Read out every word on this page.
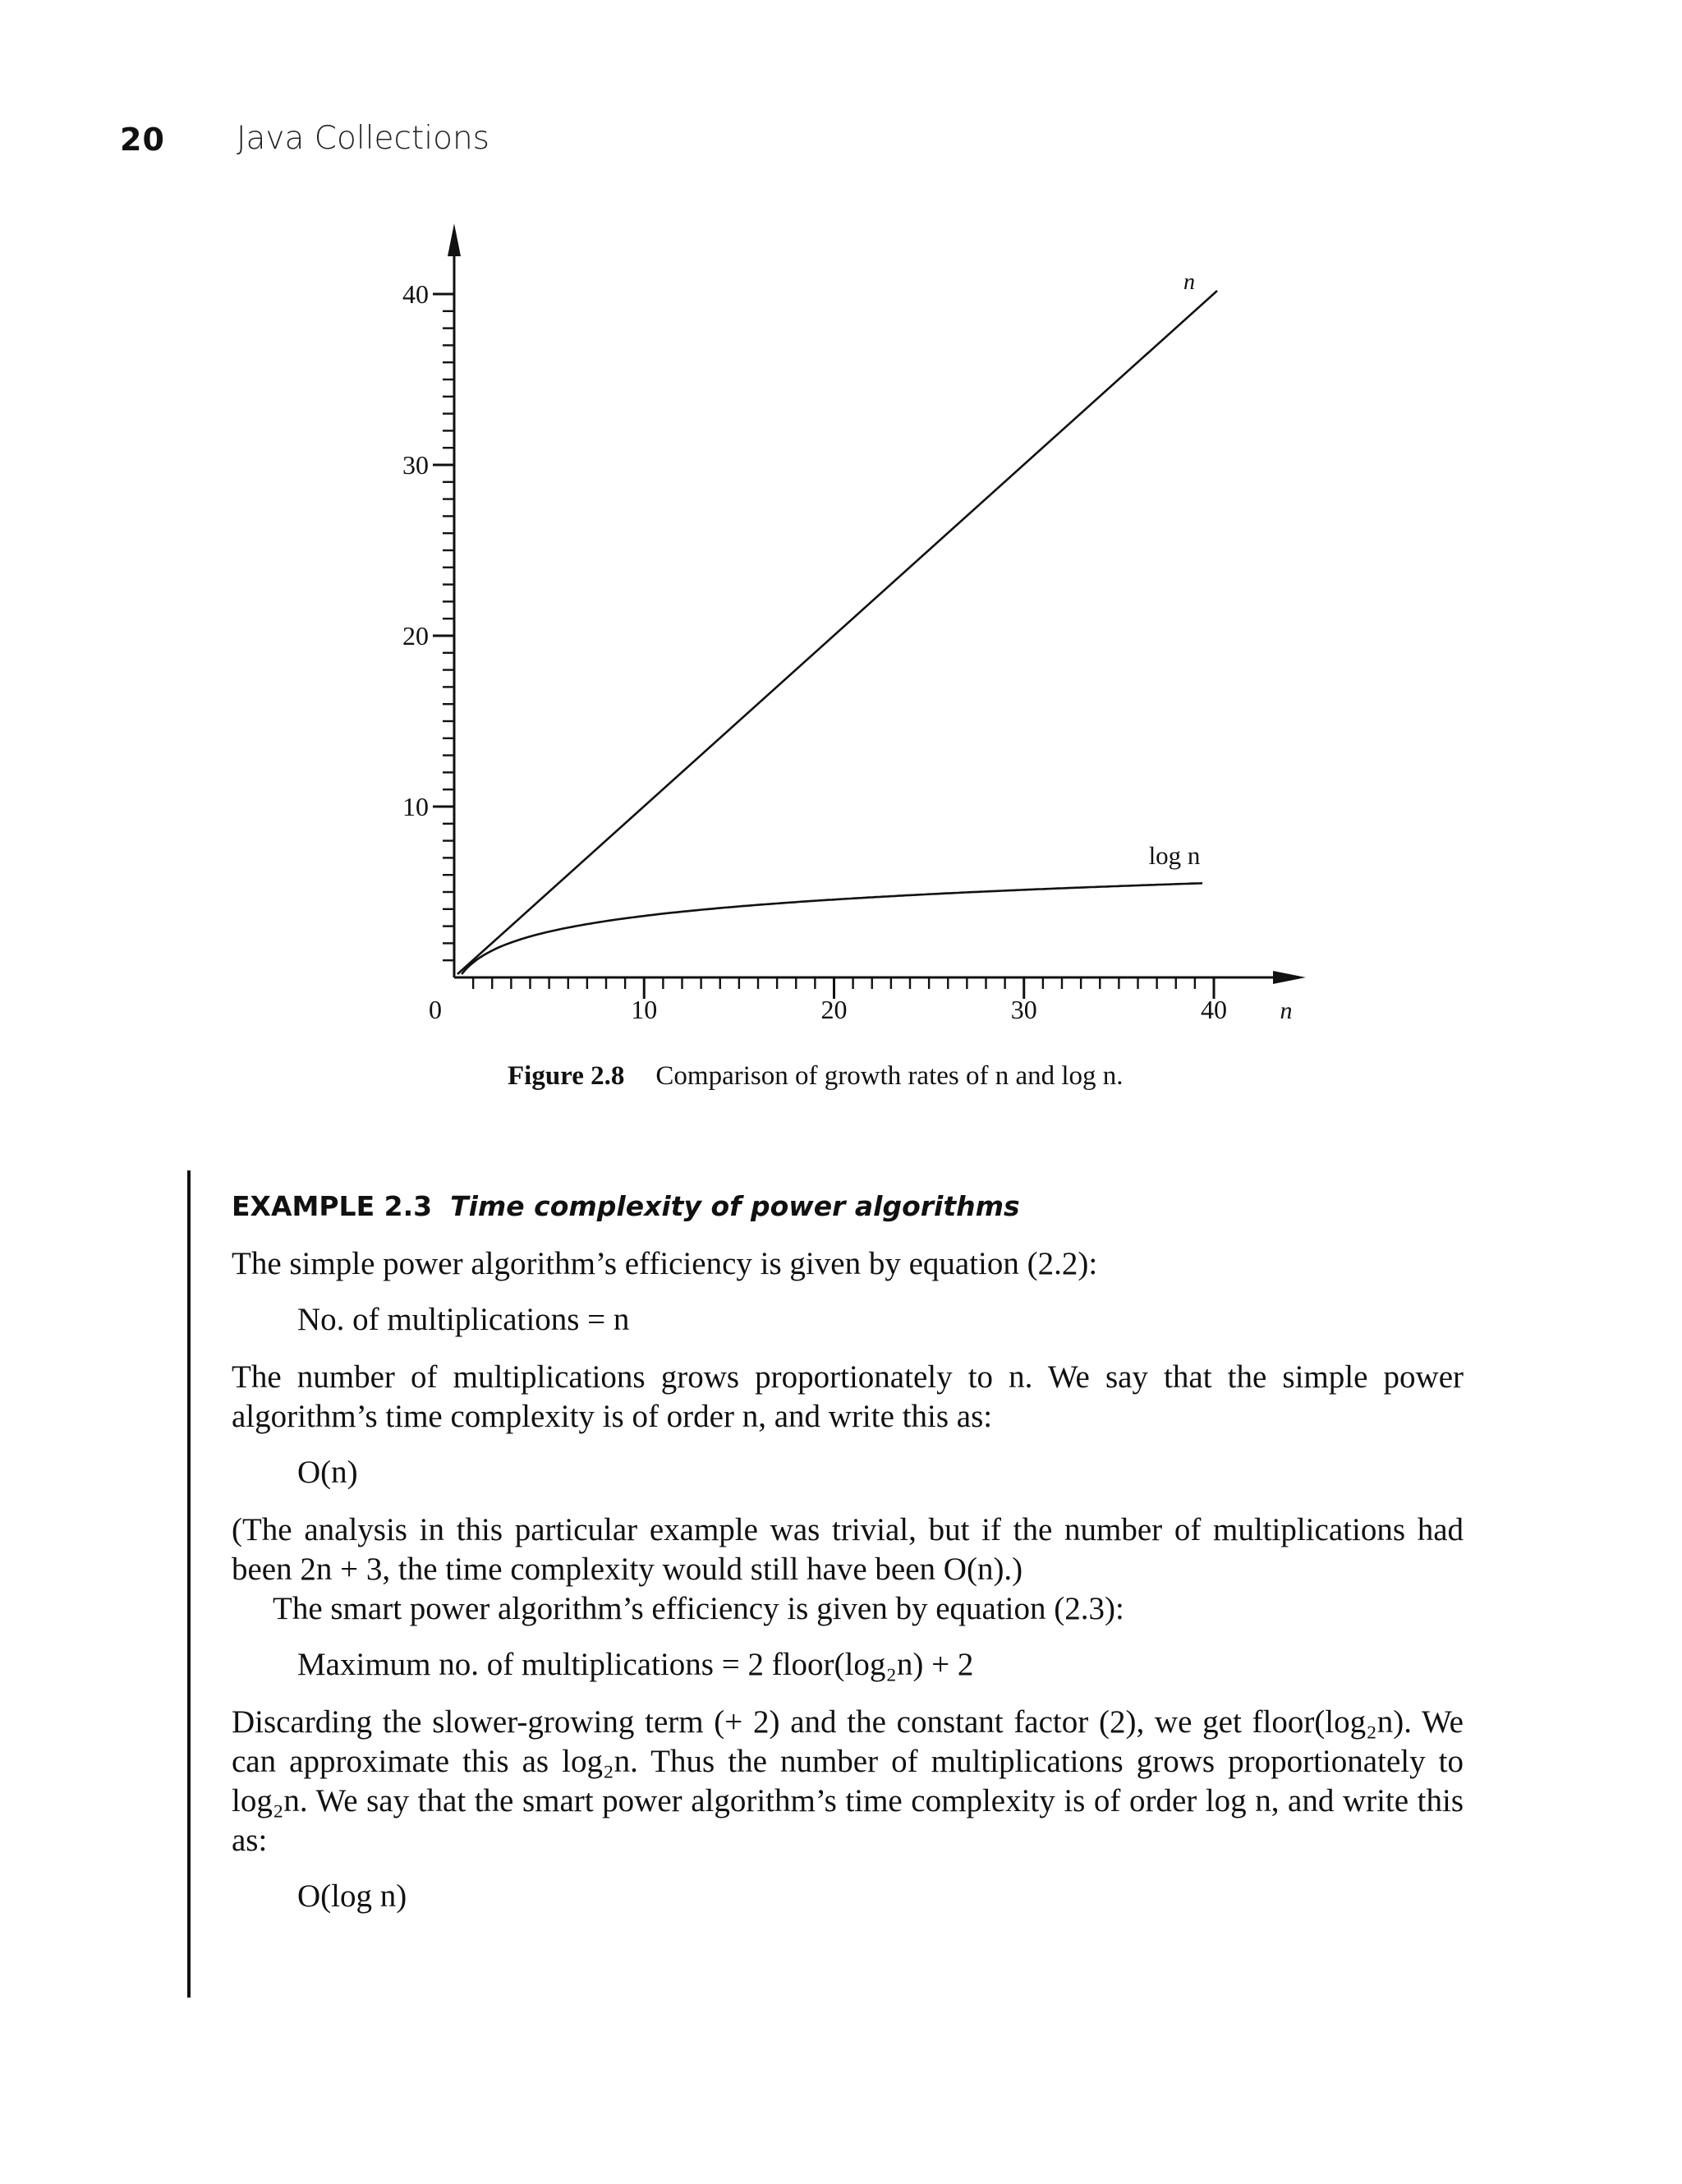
20 Java Collections
0	10	20	30	40
10
20
30
40
n
n
log n
Figure 2.8 Comparison of growth rates of n and log n.
EXAMPLE 2.3 Time complexity of power algorithms

The simple power algorithm’s efficiency is given by equation (2.2):

No. of multiplications = n

The number of multiplications grows proportionately to n. We say that the simple power algorithm’s time complexity is of order n, and write this as:

O(n)

(The analysis in this particular example was trivial, but if the number of multiplications had been 2n + 3, the time complexity would still have been O(n).)

The smart power algorithm’s efficiency is given by equation (2.3):

Maximum no. of multiplications = 2 floor(log₂n) + 2

Discarding the slower-growing term (+ 2) and the constant factor (2), we get floor(log₂n). We can approximate this as log₂n. Thus the number of multiplications grows proportionately to log₂n. We say that the smart power algorithm’s time complexity is of order log n, and write this as:

O(log n)
